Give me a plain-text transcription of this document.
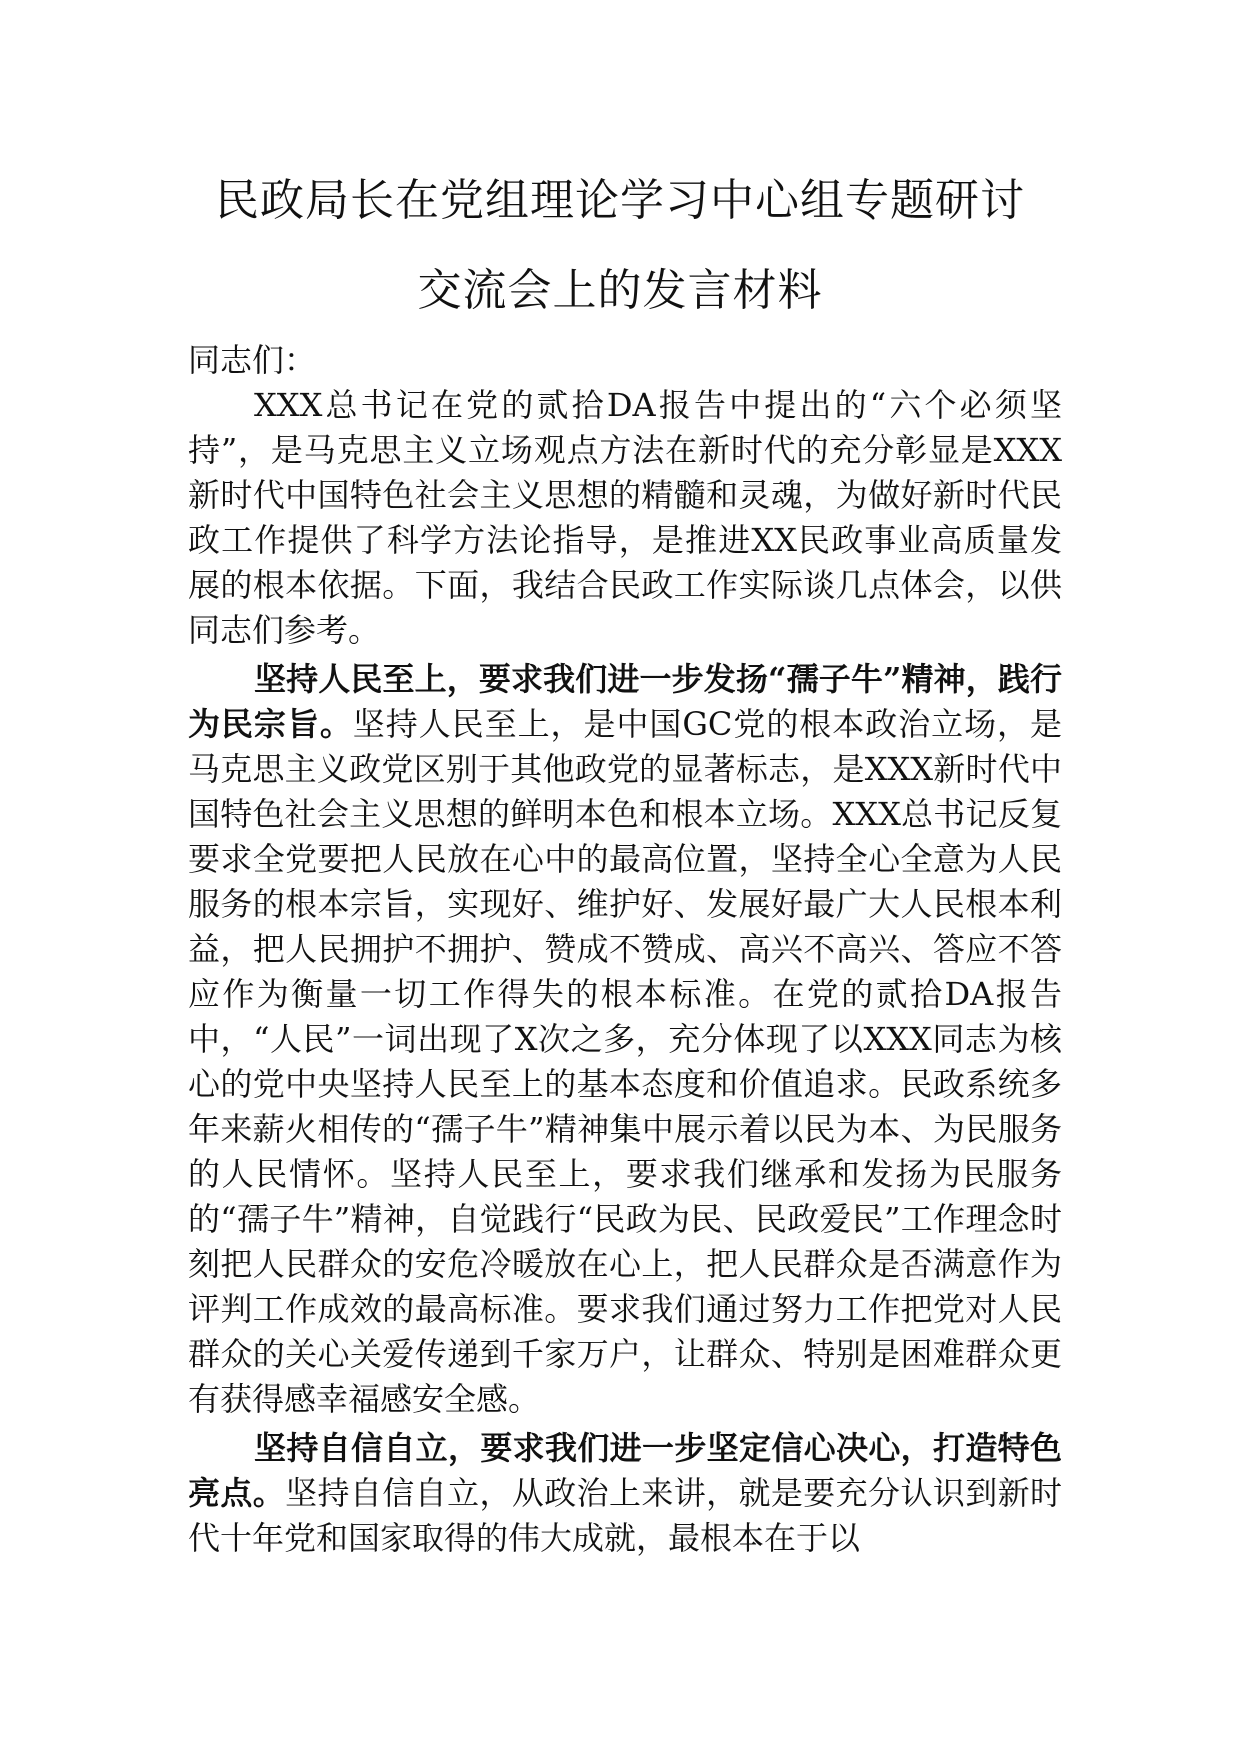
民政局长在党组理论学习中心组专题研讨
交流会上的发言材料

同志们：

XXX总书记在党的贰拾DA报告中提出的“六个必须坚持”，是马克思主义立场观点方法在新时代的充分彰显是XXX新时代中国特色社会主义思想的精髓和灵魂，为做好新时代民政工作提供了科学方法论指导，是推进XX民政事业高质量发展的根本依据。下面，我结合民政工作实际谈几点体会，以供同志们参考。

坚持人民至上，要求我们进一步发扬“孺子牛”精神，践行为民宗旨。坚持人民至上，是中国GC党的根本政治立场，是马克思主义政党区别于其他政党的显著标志，是XXX新时代中国特色社会主义思想的鲜明本色和根本立场。XXX总书记反复要求全党要把人民放在心中的最高位置，坚持全心全意为人民服务的根本宗旨，实现好、维护好、发展好最广大人民根本利益，把人民拥护不拥护、赞成不赞成、高兴不高兴、答应不答应作为衡量一切工作得失的根本标准。在党的贰拾DA报告中，“人民”一词出现了X次之多，充分体现了以XXX同志为核心的党中央坚持人民至上的基本态度和价值追求。民政系统多年来薪火相传的“孺子牛”精神集中展示着以民为本、为民服务的人民情怀。坚持人民至上，要求我们继承和发扬为民服务的“孺子牛”精神，自觉践行“民政为民、民政爱民”工作理念时刻把人民群众的安危冷暖放在心上，把人民群众是否满意作为评判工作成效的最高标准。要求我们通过努力工作把党对人民群众的关心关爱传递到千家万户，让群众、特别是困难群众更有获得感幸福感安全感。

坚持自信自立，要求我们进一步坚定信心决心，打造特色亮点。坚持自信自立，从政治上来讲，就是要充分认识到新时代十年党和国家取得的伟大成就，最根本在于以
